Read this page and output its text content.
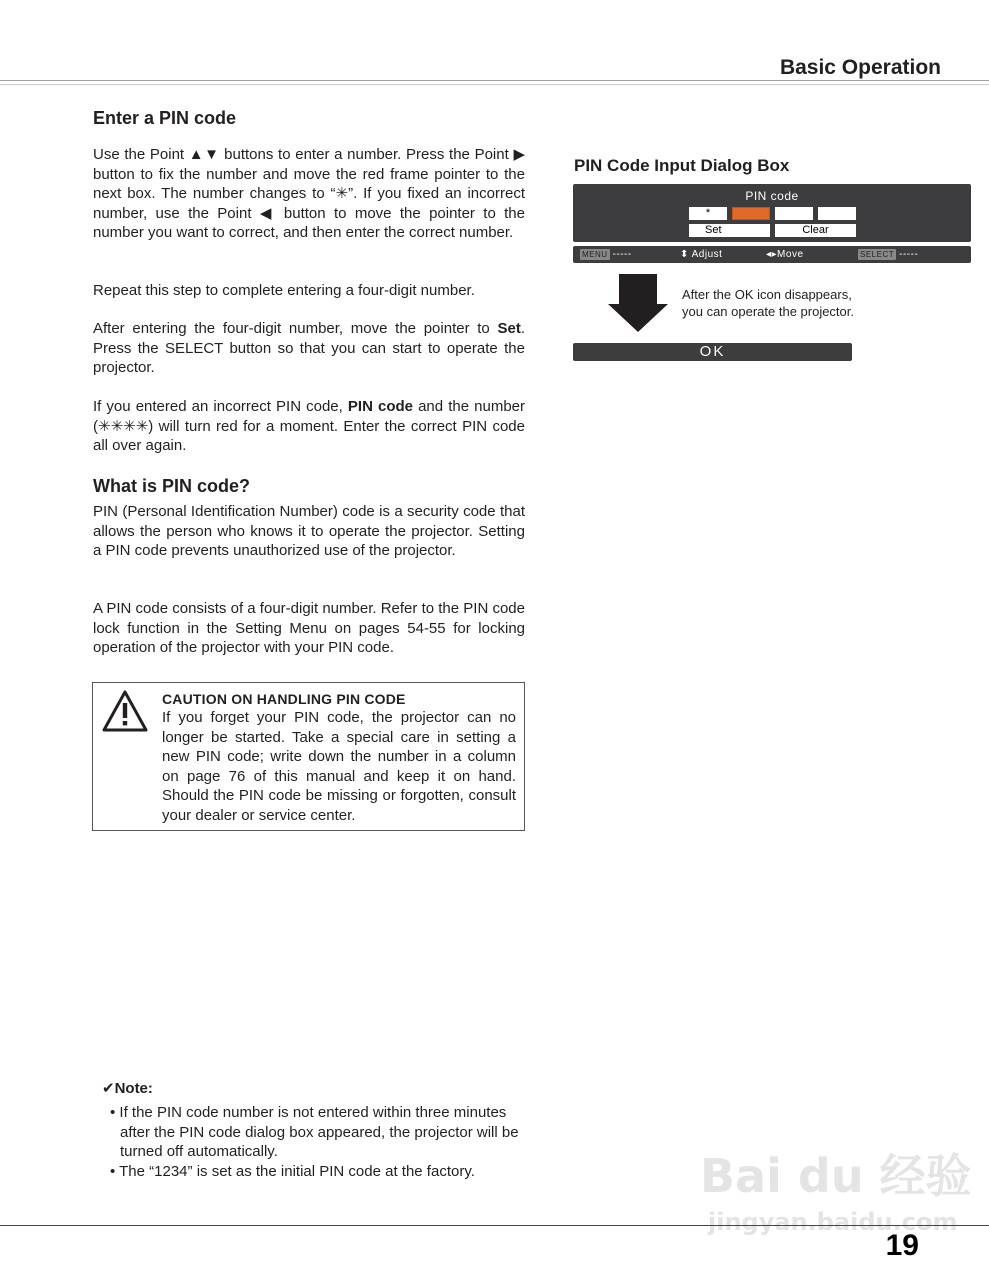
Basic Operation
Enter a PIN code
Use the Point ▲▼ buttons to enter a number. Press the Point ▶ button to fix the number and move the red frame pointer to the next box. The number changes to “✳”. If you fixed an incorrect number, use the Point ◀ button to move the pointer to the number you want to correct, and then enter the correct number.
Repeat this step to complete entering a four-digit number.
After entering the four-digit number, move the pointer to Set. Press the SELECT button so that you can start to operate the projector.
If you entered an incorrect PIN code, PIN code and the number (✳✳✳✳) will turn red for a moment. Enter the correct PIN code all over again.
What is PIN code?
PIN (Personal Identification Number) code is a security code that allows the person who knows it to operate the projector. Setting a PIN code prevents unauthorized use of the projector.
A PIN code consists of a four-digit number. Refer to the PIN code lock function in the Setting Menu on pages 54-55 for locking operation of the projector with your PIN code.
CAUTION ON HANDLING PIN CODE
If you forget your PIN code, the projector can no longer be started. Take a special care in setting a new PIN code; write down the number in a column on page 76 of this manual and keep it on hand. Should the PIN code be missing or forgotten, consult your dealer or service center.
✔Note:
• If the PIN code number is not entered within three minutes after the PIN code dialog box appeared, the projector will be turned off automatically.
• The “1234” is set as the initial PIN code at the factory.
PIN Code Input Dialog Box
PIN code
*
Set	Clear
MENU -----	⬍ Adjust	◂▸Move	SELECT -----
After the OK icon disappears,
you can operate the projector.
OK
Bai du 经验
jingyan.baidu.com
19
